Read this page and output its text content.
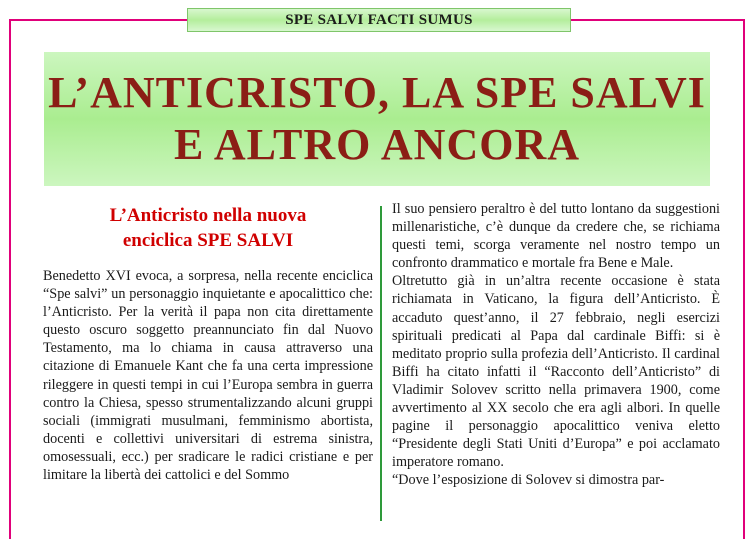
SPE SALVI FACTI SUMUS
L’ANTICRISTO, LA SPE SALVI
E ALTRO ANCORA
L’Anticristo nella nuova
enciclica SPE SALVI

Benedetto XVI evoca, a sorpresa, nella recente enciclica “Spe salvi” un personaggio inquietante e apocalittico che: l’Anticristo. Per la verità il papa non cita direttamente questo oscuro soggetto preannunciato fin dal Nuovo Testamento, ma lo chiama in causa attraverso una citazione di Emanuele Kant che fa una certa impressione rileggere in questi tempi in cui l’Europa sembra in guerra contro la Chiesa, spesso strumentalizzando alcuni gruppi sociali (immigrati musulmani, femminismo abortista, docenti e collettivi universitari di estrema sinistra, omosessuali, ecc.) per sradicare le radici cristiane e per limitare la libertà dei cattolici e del Sommo

Il suo pensiero peraltro è del tutto lontano da suggestioni millenaristiche, c’è dunque da credere che, se richiama questi temi, scorga veramente nel nostro tempo un confronto drammatico e mortale fra Bene e Male.

Oltretutto già in un’altra recente occasione è stata richiamata in Vaticano, la figura dell’Anticristo. È accaduto quest’anno, il 27 febbraio, negli esercizi spirituali predicati al Papa dal cardinale Biffi: si è meditato proprio sulla profezia dell’Anticristo. Il cardinal Biffi ha citato infatti il “Racconto dell’Anticristo” di Vladimir Solovev scritto nella primavera 1900, come avvertimento al XX secolo che era agli albori. In quelle pagine il personaggio apocalittico veniva eletto “Presidente degli Stati Uniti d’Europa” e poi acclamato imperatore romano.

“Dove l’esposizione di Solovev si dimostra par-
